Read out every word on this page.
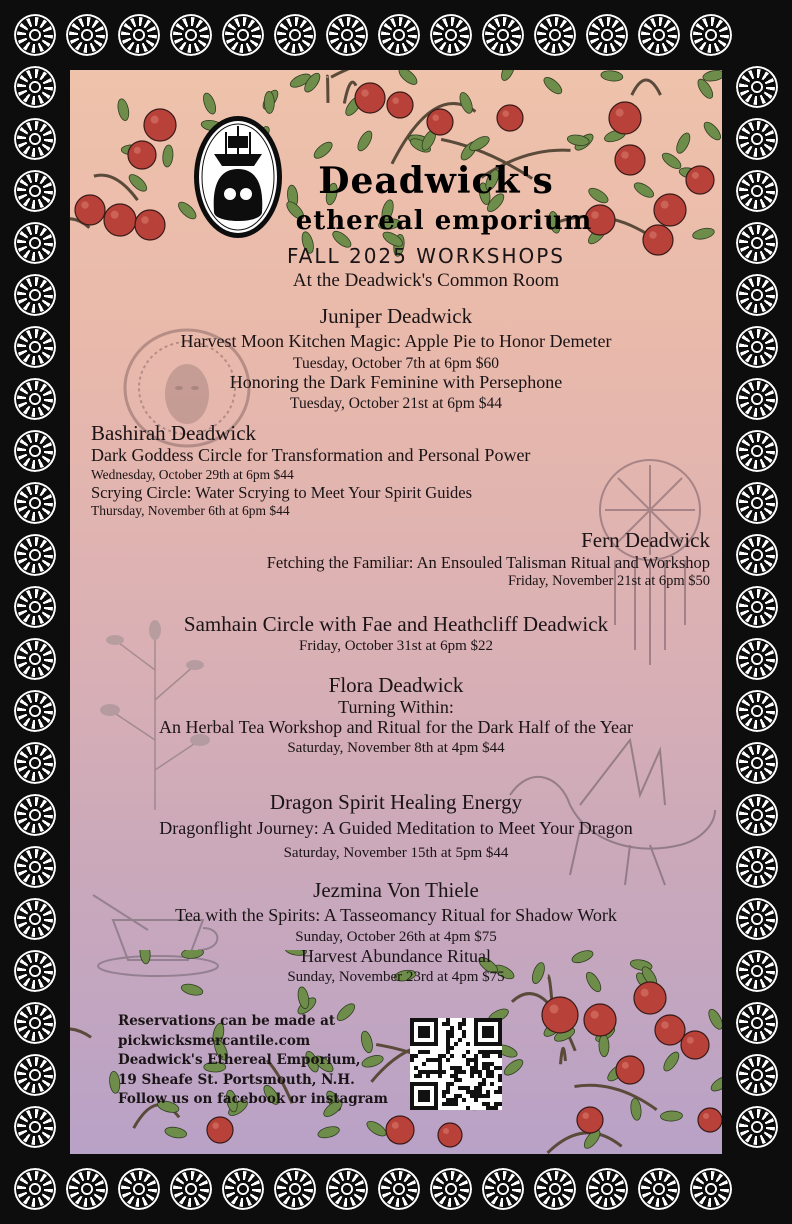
Deadwick's
ethereal emporium
FALL 2025 WORKSHOPS
At the Deadwick's Common Room
Juniper Deadwick
Harvest Moon Kitchen Magic: Apple Pie to Honor Demeter
Tuesday, October 7th at 6pm $60
Honoring the Dark Feminine with Persephone
Tuesday, October 21st at 6pm $44
Bashirah Deadwick
Dark Goddess Circle for Transformation and Personal Power
Wednesday, October 29th at 6pm $44
Scrying Circle: Water Scrying to Meet Your Spirit Guides
Thursday, November 6th at 6pm $44
Fern Deadwick
Fetching the Familiar: An Ensouled Talisman Ritual and Workshop
Friday, November 21st at 6pm $50
Samhain Circle with Fae and Heathcliff Deadwick
Friday, October 31st at 6pm $22
Flora Deadwick
Turning Within:
An Herbal Tea Workshop and Ritual for the Dark Half of the Year
Saturday, November 8th at 4pm $44
Dragon Spirit Healing Energy
Dragonflight Journey: A Guided Meditation to Meet Your Dragon
Saturday, November 15th at 5pm $44
Jezmina Von Thiele
Tea with the Spirits: A Tasseomancy Ritual for Shadow Work
Sunday, October 26th at 4pm $75
Harvest Abundance Ritual
Sunday, November 23rd at 4pm $75
Reservations can be made at
pickwicksmercantile.com
Deadwick's Ethereal Emporium,
19 Sheafe St. Portsmouth, N.H.
Follow us on facebook or instagram
